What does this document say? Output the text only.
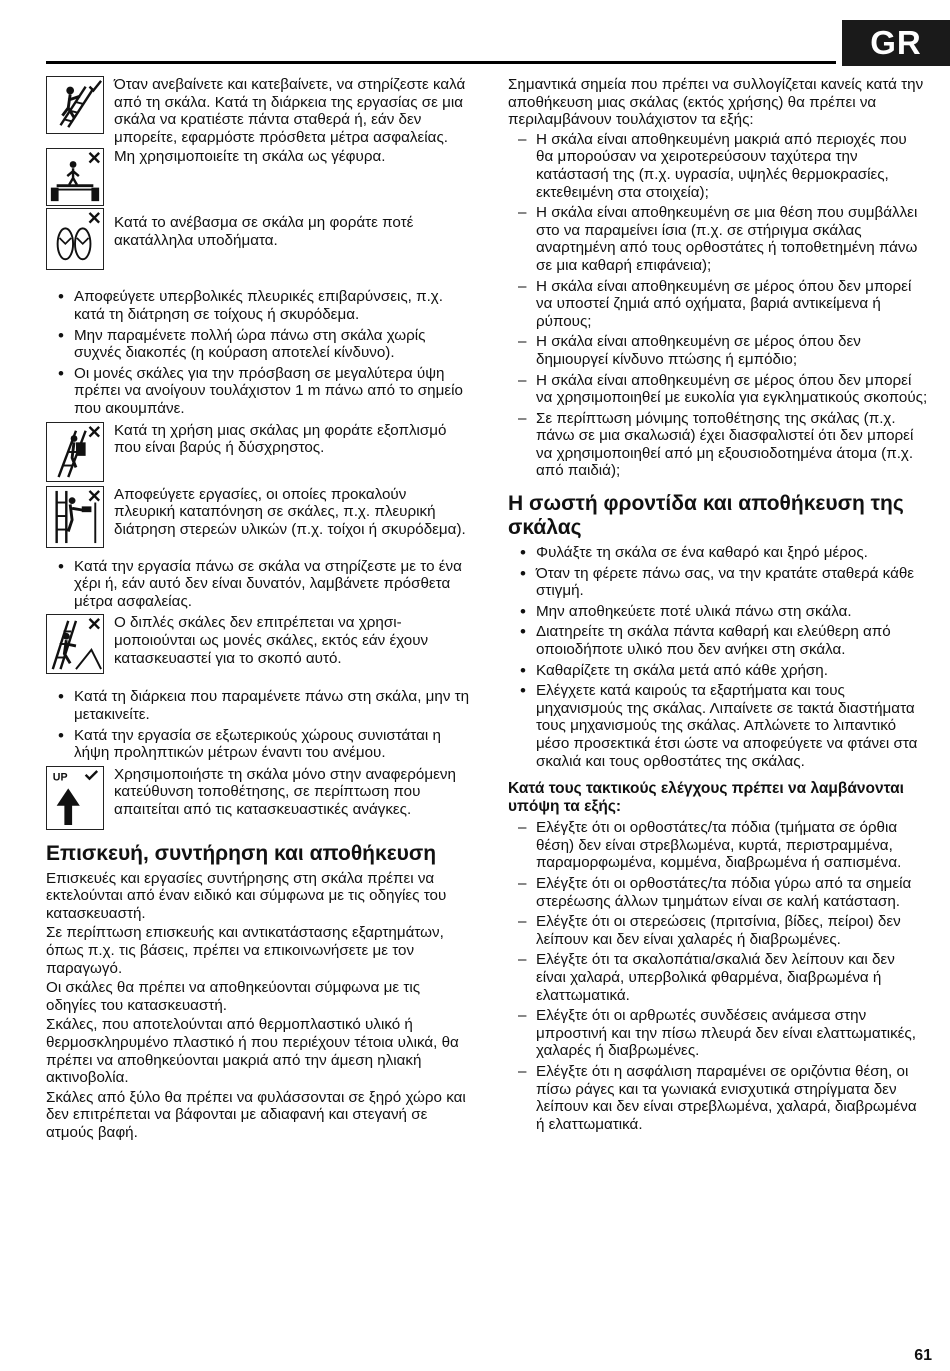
GR
Όταν ανεβαίνετε και κατεβαίνετε, να στηρίζεστε καλά από τη σκάλα. Κατά τη διάρκεια της εργασίας σε μια σκάλα να κρατιέστε πάντα σταθερά ή, εάν δεν μπορείτε, εφαρμόστε πρόσθετα μέτρα ασφαλείας.
Μη χρησιμοποιείτε τη σκάλα ως γέφυρα.
Κατά το ανέβασμα σε σκάλα μη φοράτε ποτέ ακατάλληλα υποδήματα.
• Αποφεύγετε υπερβολικές πλευρικές επιβαρύνσεις, π.χ. κατά τη διάτρηση σε τοίχους ή σκυρόδεμα.
• Μην παραμένετε πολλή ώρα πάνω στη σκάλα χωρίς συχνές διακοπές (η κούραση αποτελεί κίνδυνο).
• Οι μονές σκάλες για την πρόσβαση σε μεγαλύτερα ύψη πρέπει να ανοίγουν τουλάχιστον 1 m πάνω από το σημείο που ακουμπάνε.
Κατά τη χρήση μιας σκάλας μη φοράτε εξοπλισμό που είναι βαρύς ή δύσχρηστος.
Αποφεύγετε εργασίες, οι οποίες προκαλούν πλευρική καταπόνηση σε σκάλες, π.χ. πλευρική διάτρηση στερεών υλικών (π.χ. τοίχοι ή σκυρόδεμα).
• Κατά την εργασία πάνω σε σκάλα να στηρίζεστε με το ένα χέρι ή, εάν αυτό δεν είναι δυνατόν, λαμβάνετε πρόσθετα μέτρα ασφαλείας.
Ο διπλές σκάλες δεν επιτρέπεται να χρησιμοποιούνται ως μονές σκάλες, εκτός εάν έχουν κατασκευαστεί για το σκοπό αυτό.
• Κατά τη διάρκεια που παραμένετε πάνω στη σκάλα, μην τη μετακινείτε.
• Κατά την εργασία σε εξωτερικούς χώρους συνιστάται η λήψη προληπτικών μέτρων έναντι του ανέμου.
UP	Χρησιμοποιήστε τη σκάλα μόνο στην αναφερόμενη κατεύθυνση τοποθέτησης, σε περίπτωση που απαιτείται από τις κατασκευαστικές ανάγκες.
Επισκευή, συντήρηση και αποθήκευση

Επισκευές και εργασίες συντήρησης στη σκάλα πρέπει να εκτελούνται από έναν ειδικό και σύμφωνα με τις οδηγίες του κατασκευαστή.

Σε περίπτωση επισκευής και αντικατάστασης εξαρτημάτων, όπως π.χ. τις βάσεις, πρέπει να επικοινωνήσετε με τον παραγωγό.

Οι σκάλες θα πρέπει να αποθηκεύονται σύμφωνα με τις οδηγίες του κατασκευαστή.

Σκάλες, που αποτελούνται από θερμοπλαστικό υλικό ή θερμοσκληρυμένο πλαστικό ή που περιέχουν τέτοια υλικά, θα πρέπει να αποθηκεύονται μακριά από την άμεση ηλιακή ακτινοβολία.

Σκάλες από ξύλο θα πρέπει να φυλάσσονται σε ξηρό χώρο και δεν επιτρέπεται να βάφονται με αδιαφανή και στεγανή σε ατμούς βαφή.

Σημαντικά σημεία που πρέπει να συλλογίζεται κανείς κατά την αποθήκευση μιας σκάλας (εκτός χρήσης) θα πρέπει να περιλαμβάνουν τουλάχιστον τα εξής:

– Η σκάλα είναι αποθηκευμένη μακριά από περιοχές που θα μπορούσαν να χειροτερεύσουν ταχύτερα την κατάστασή της (π.χ. υγρασία, υψηλές θερμοκρασίες, εκτεθειμένη στα στοιχεία);
– Η σκάλα είναι αποθηκευμένη σε μια θέση που συμβάλλει στο να παραμείνει ίσια (π.χ. σε στήριγμα σκάλας αναρτημένη από τους ορθοστάτες ή τοποθετημένη πάνω σε μια καθαρή επιφάνεια);
– Η σκάλα είναι αποθηκευμένη σε μέρος όπου δεν μπορεί να υποστεί ζημιά από οχήματα, βαριά αντικείμενα ή ρύπους;
– Η σκάλα είναι αποθηκευμένη σε μέρος όπου δεν δημιουργεί κίνδυνο πτώσης ή εμπόδιο;
– Η σκάλα είναι αποθηκευμένη σε μέρος όπου δεν μπορεί να χρησιμοποιηθεί με ευκολία για εγκληματικούς σκοπούς;
– Σε περίπτωση μόνιμης τοποθέτησης της σκάλας (π.χ. πάνω σε μια σκαλωσιά) έχει διασφαλιστεί ότι δεν μπορεί να χρησιμοποιηθεί από μη εξουσιοδοτημένα άτομα (π.χ. από παιδιά);
Η σωστή φροντίδα και αποθήκευση της σκάλας
• Φυλάξτε τη σκάλα σε ένα καθαρό και ξηρό μέρος.
• Όταν τη φέρετε πάνω σας, να την κρατάτε σταθερά κάθε στιγμή.
• Μην αποθηκεύετε ποτέ υλικά πάνω στη σκάλα.
• Διατηρείτε τη σκάλα πάντα καθαρή και ελεύθερη από οποιοδήποτε υλικό που δεν ανήκει στη σκάλα.
• Καθαρίζετε τη σκάλα μετά από κάθε χρήση.
• Ελέγχετε κατά καιρούς τα εξαρτήματα και τους μηχανισμούς της σκάλας. Λιπαίνετε σε τακτά διαστήματα τους μηχανισμούς της σκάλας. Απλώνετε το λιπαντικό μέσο προσεκτικά έτσι ώστε να αποφεύγετε να φτάνει στα σκαλιά και τους ορθοστάτες της σκάλας.
Κατά τους τακτικούς ελέγχους πρέπει να λαμβάνονται υπόψη τα εξής:
– Ελέγξτε ότι οι ορθοστάτες/τα πόδια (τμήματα σε όρθια θέση) δεν είναι στρεβλωμένα, κυρτά, περιστραμμένα, παραμορφωμένα, κομμένα, διαβρωμένα ή σαπισμένα.
– Ελέγξτε ότι οι ορθοστάτες/τα πόδια γύρω από τα σημεία στερέωσης άλλων τμημάτων είναι σε καλή κατάσταση.
– Ελέγξτε ότι οι στερεώσεις (πριτσίνια, βίδες, πείροι) δεν λείπουν και δεν είναι χαλαρές ή διαβρωμένες.
– Ελέγξτε ότι τα σκαλοπάτια/σκαλιά δεν λείπουν και δεν είναι χαλαρά, υπερβολικά φθαρμένα, διαβρωμένα ή ελαττωματικά.
– Ελέγξτε ότι οι αρθρωτές συνδέσεις ανάμεσα στην μπροστινή και την πίσω πλευρά δεν είναι ελαττωματικές, χαλαρές ή διαβρωμένες.
– Ελέγξτε ότι η ασφάλιση παραμένει σε οριζόντια θέση, οι πίσω ράγες και τα γωνιακά ενισχυτικά στηρίγματα δεν λείπουν και δεν είναι στρεβλωμένα, χαλαρά, διαβρωμένα ή ελαττωματικά.
61
